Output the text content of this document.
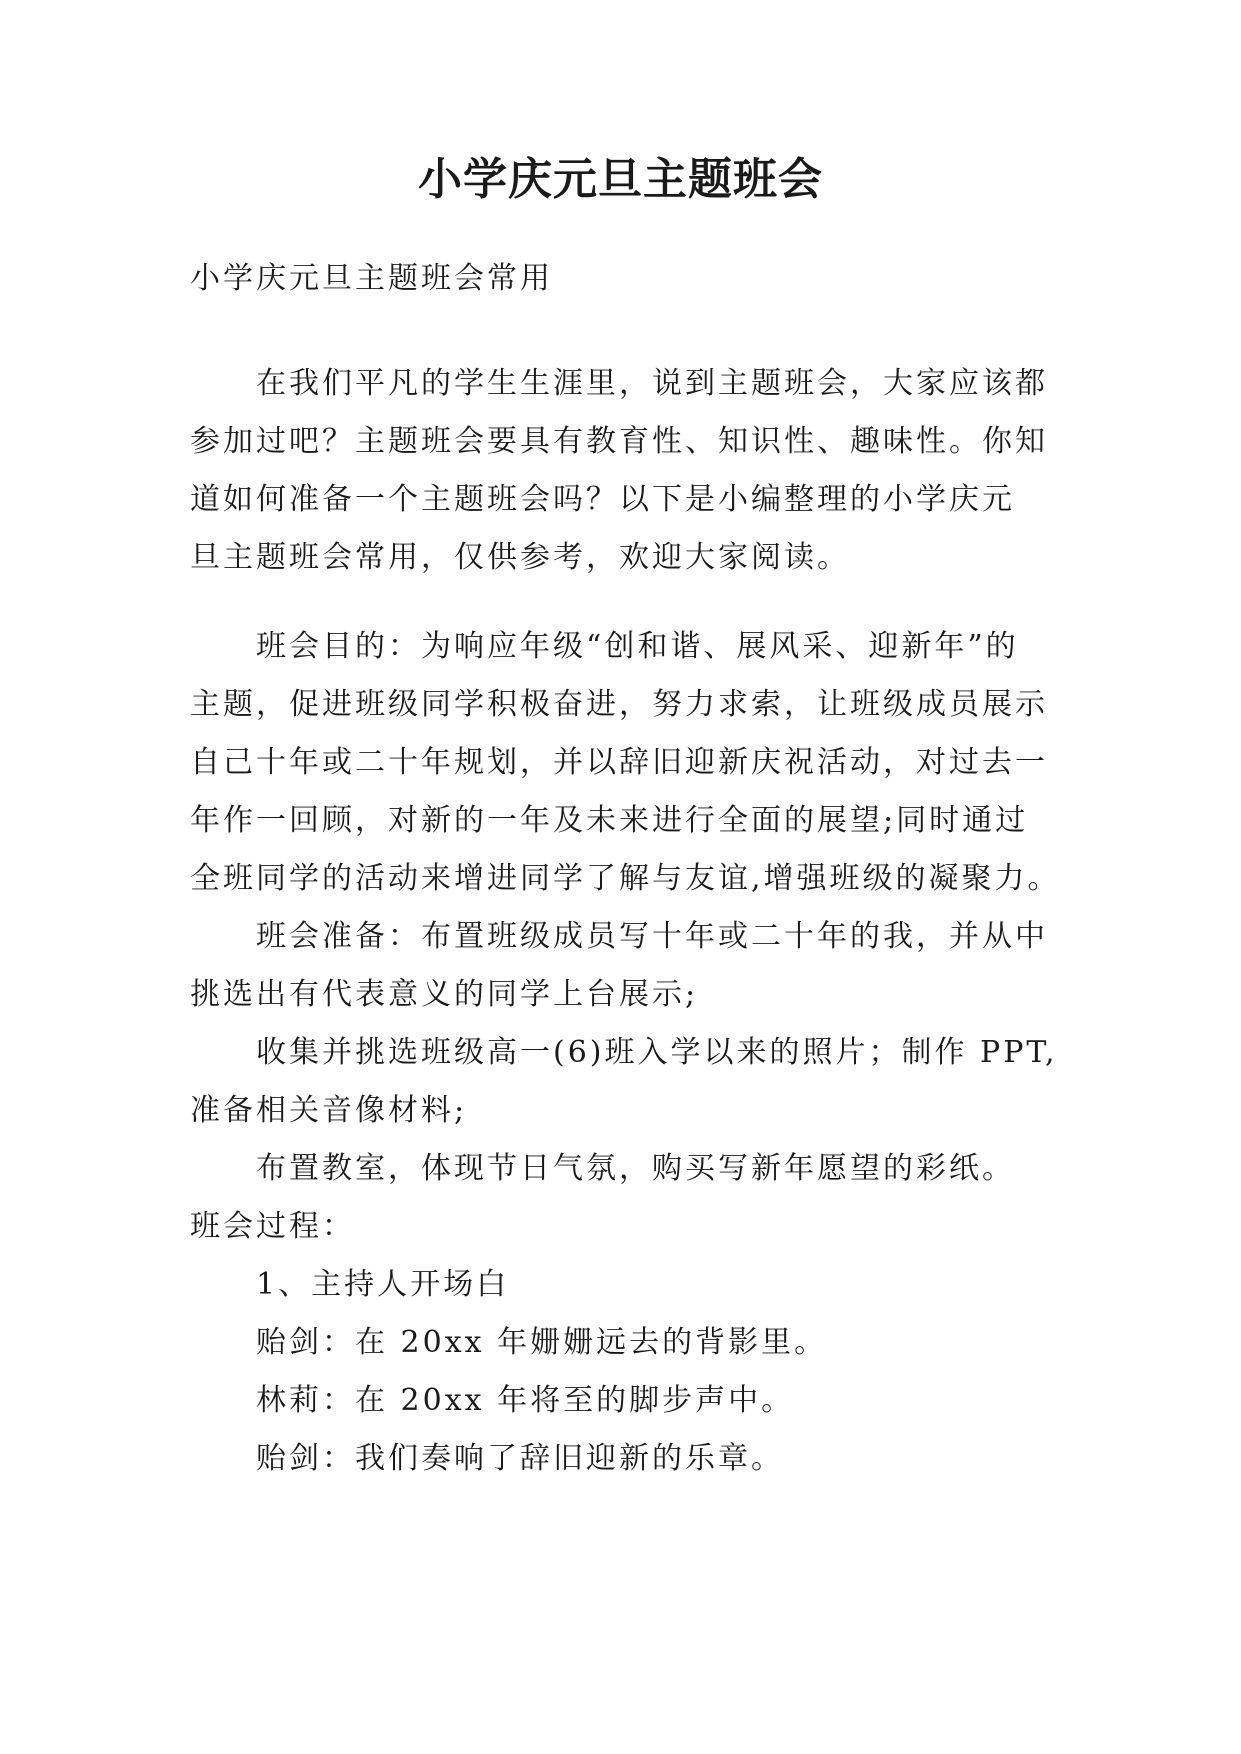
小学庆元旦主题班会
小学庆元旦主题班会常用
在我们平凡的学生生涯里，说到主题班会，大家应该都
参加过吧？主题班会要具有教育性、知识性、趣味性。你知
道如何准备一个主题班会吗？以下是小编整理的小学庆元
旦主题班会常用，仅供参考，欢迎大家阅读。
班会目的：为响应年级“创和谐、展风采、迎新年”的
主题，促进班级同学积极奋进，努力求索，让班级成员展示
自己十年或二十年规划，并以辞旧迎新庆祝活动，对过去一
年作一回顾，对新的一年及未来进行全面的展望;同时通过
全班同学的活动来增进同学了解与友谊,增强班级的凝聚力。
班会准备：布置班级成员写十年或二十年的我，并从中
挑选出有代表意义的同学上台展示;
收集并挑选班级高一(6)班入学以来的照片；制作 PPT,
准备相关音像材料;
布置教室，体现节日气氛，购买写新年愿望的彩纸。
班会过程：
1、主持人开场白
贻剑：在 20xx 年姗姗远去的背影里。
林莉：在 20xx 年将至的脚步声中。
贻剑：我们奏响了辞旧迎新的乐章。
